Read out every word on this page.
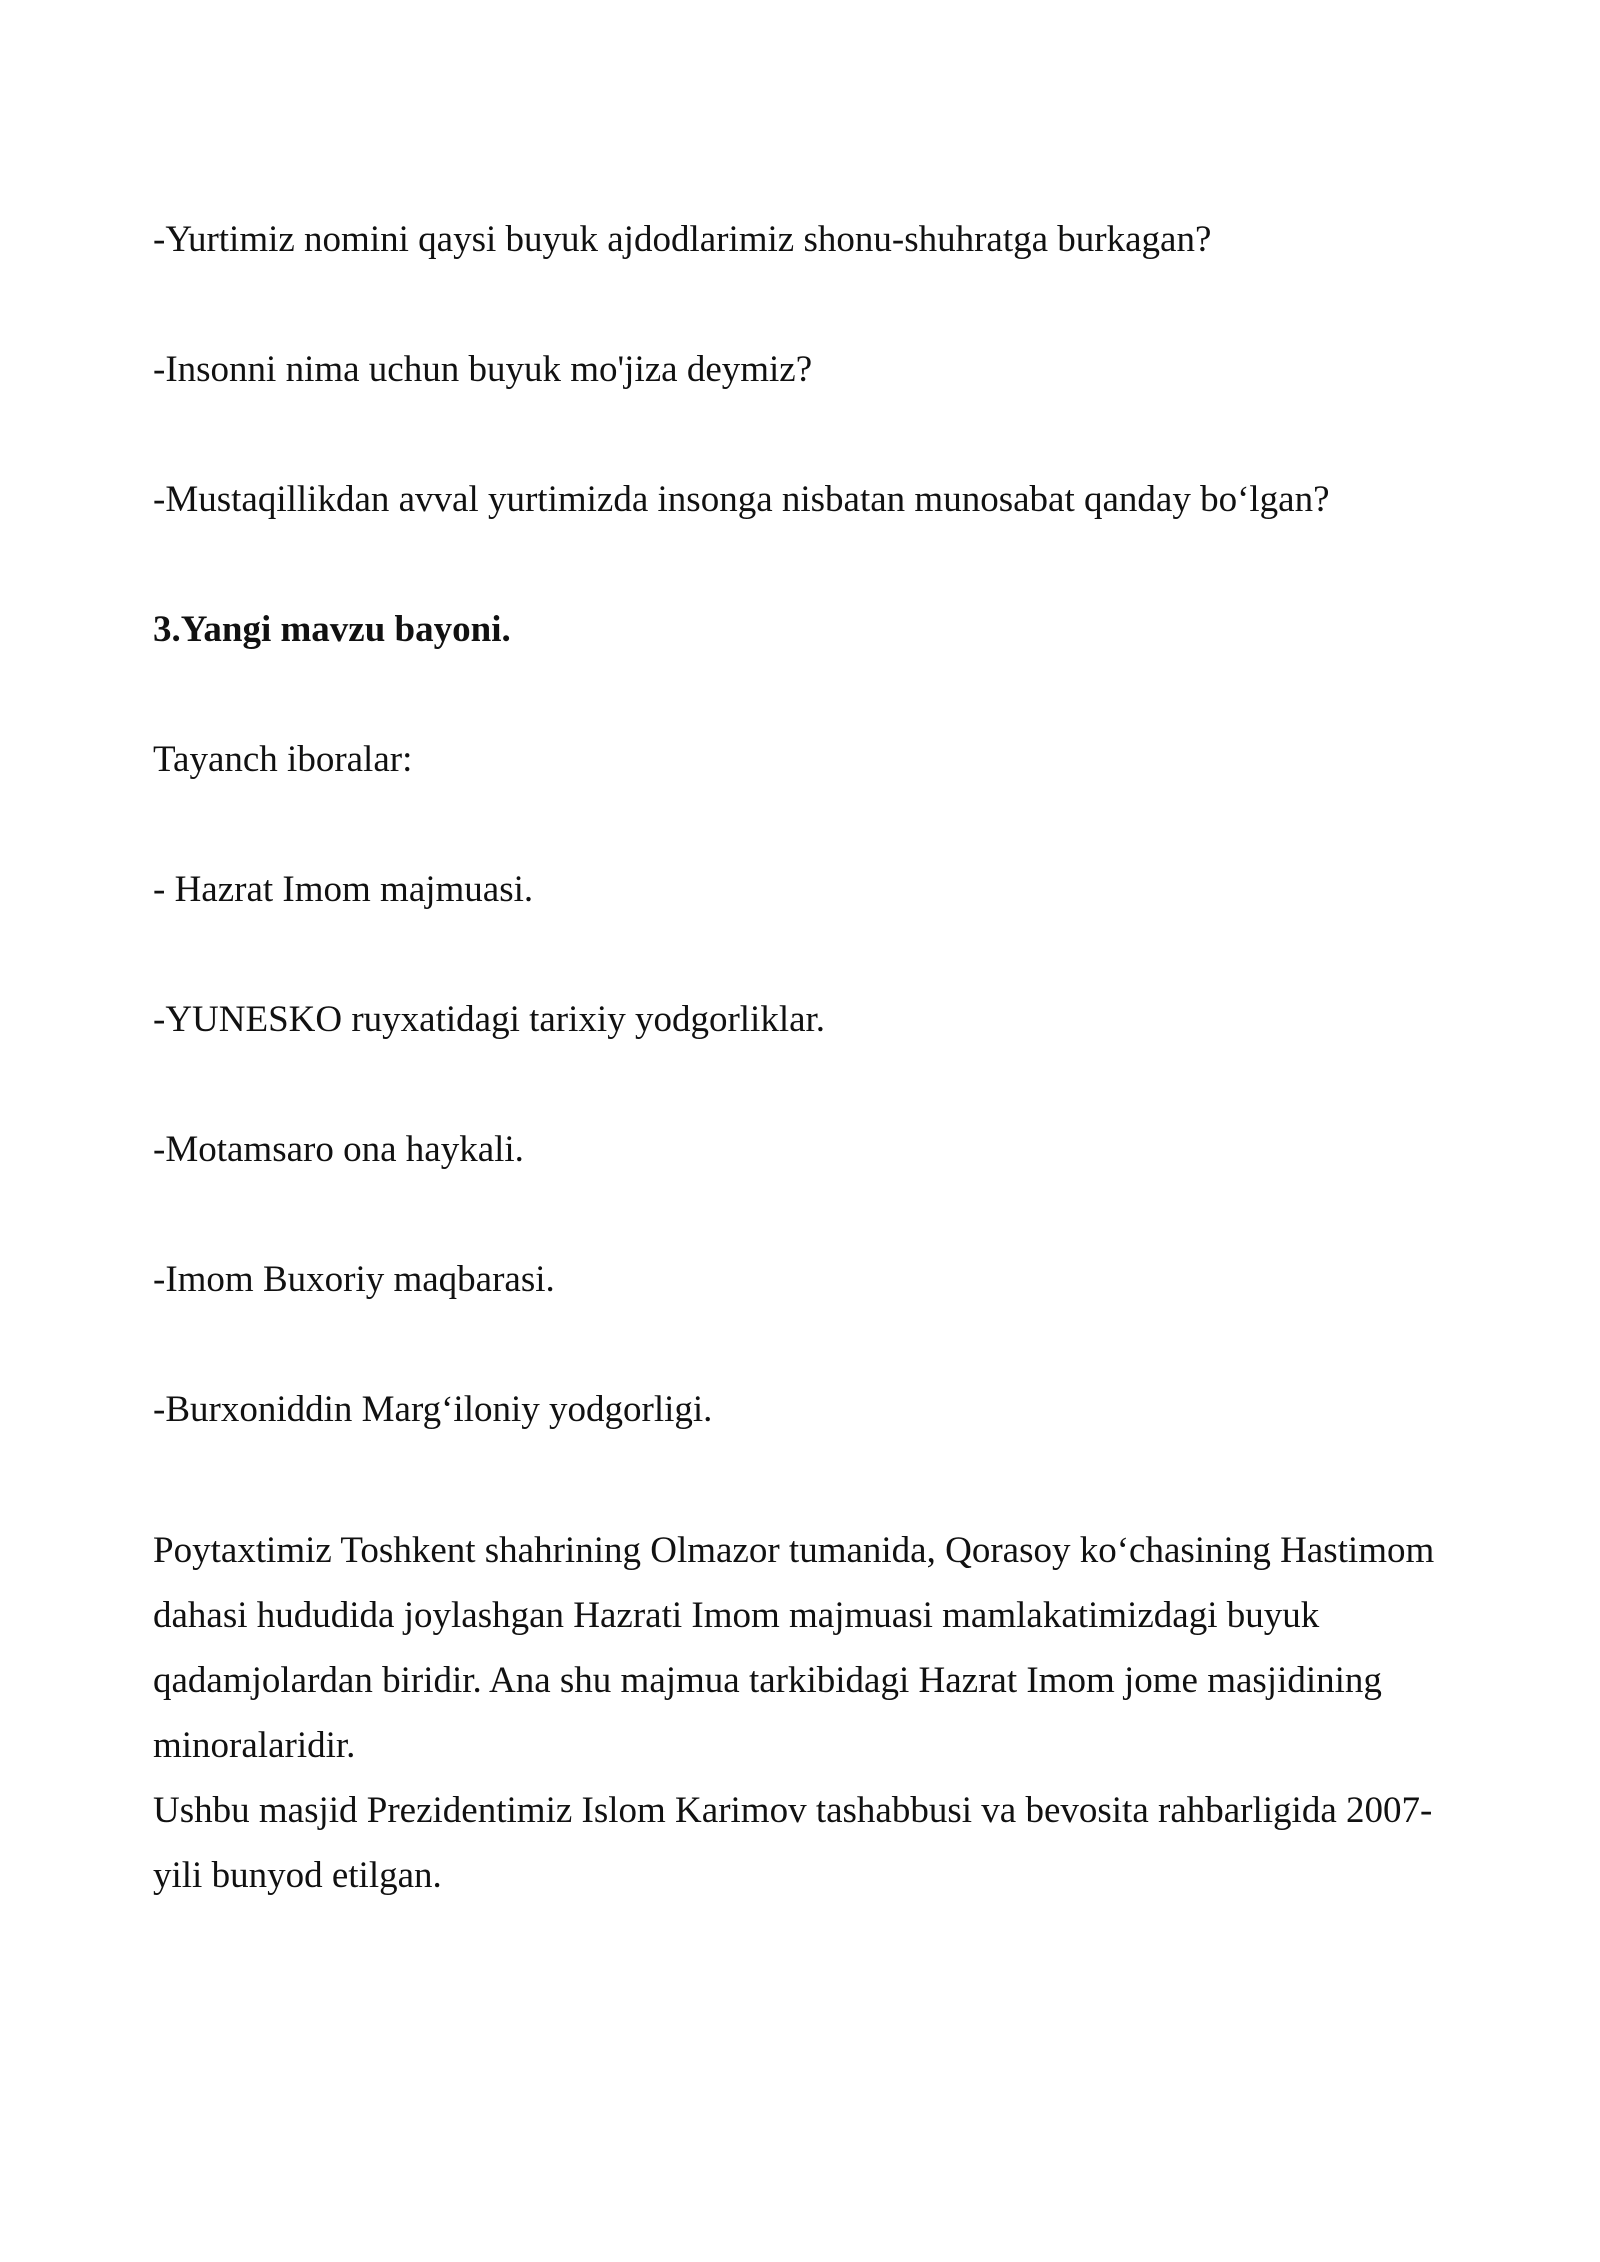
-Yurtimiz nomini qaysi buyuk ajdodlarimiz shonu-shuhratga burkagan?

-Insonni nima uchun buyuk mo'jiza deymiz?

-Mustaqillikdan avval yurtimizda insonga nisbatan munosabat qanday bo‘lgan?

3.Yangi mavzu bayoni.

Tayanch iboralar:

- Hazrat Imom majmuasi.

-YUNESKO ruyxatidagi tarixiy yodgorliklar.

-Motamsaro ona haykali.

-Imom Buxoriy maqbarasi.

-Burxoniddin Marg‘iloniy yodgorligi.

Poytaxtimiz Toshkent shahrining Olmazor tumanida, Qorasoy ko‘chasining Hastimom
dahasi hududida joylashgan Hazrati Imom majmuasi mamlakatimizdagi buyuk
qadamjolardan biridir. Ana shu majmua tarkibidagi Hazrat Imom jome masjidining
minoralaridir.
Ushbu masjid Prezidentimiz Islom Karimov tashabbusi va bevosita rahbarligida 2007-
yili bunyod etilgan.
